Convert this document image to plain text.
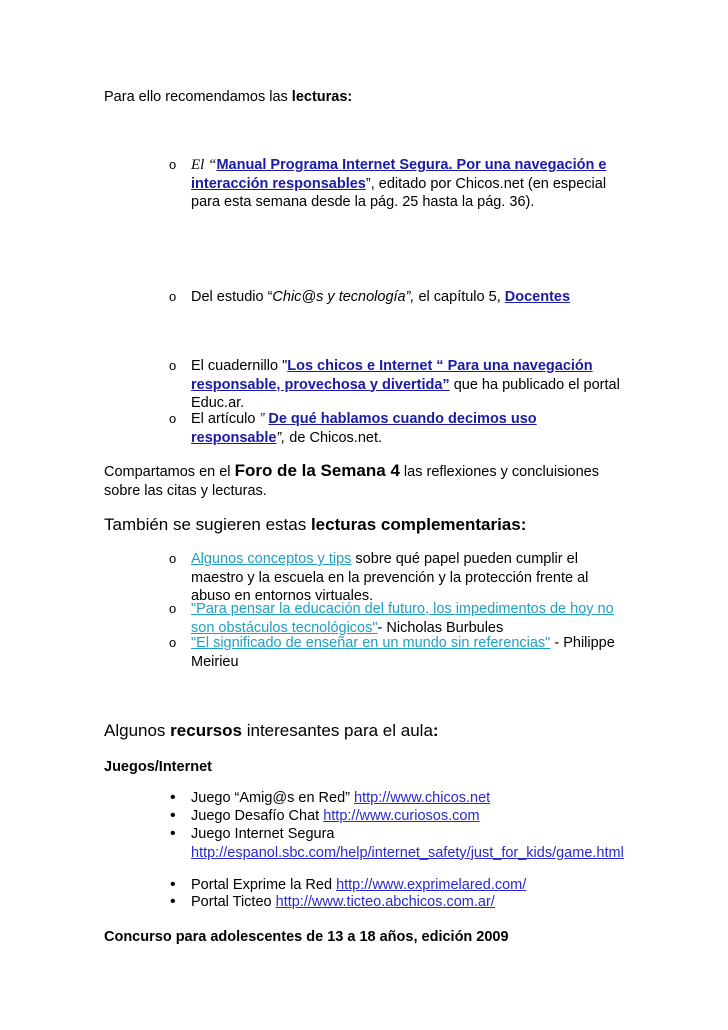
Para ello recomendamos las lecturas:
o El “Manual Programa Internet Segura. Por una navegación e interacción responsables”, editado por Chicos.net (en especial para esta semana desde la pág. 25 hasta la pág. 36).
o Del estudio “Chic@s y tecnología”, el capítulo 5, Docentes
o El cuadernillo "Los chicos e Internet “ Para una navegación responsable, provechosa y divertida” que ha publicado el portal Educ.ar.
o El artículo ” De qué hablamos cuando decimos uso responsable”, de Chicos.net.
Compartamos en el Foro de la Semana 4 las reflexiones y concluisiones sobre las citas y lecturas.
También se sugieren estas lecturas complementarias:
o Algunos conceptos y tips sobre qué papel pueden cumplir el maestro y la escuela en la prevención y la protección frente al abuso en entornos virtuales.
o "Para pensar la educación del futuro, los impedimentos de hoy no son obstáculos tecnológicos"- Nicholas Burbules
o "El significado de enseñar en un mundo sin referencias" - Philippe Meirieu
Algunos recursos interesantes para el aula:
Juegos/Internet
• Juego “Amig@s en Red” http://www.chicos.net
• Juego Desafío Chat http://www.curiosos.com
• Juego Internet Segura
http://espanol.sbc.com/help/internet_safety/just_for_kids/game.html
• Portal Exprime la Red http://www.exprimelared.com/
• Portal Ticteo http://www.ticteo.abchicos.com.ar/
Concurso para adolescentes de 13 a 18 años, edición 2009
